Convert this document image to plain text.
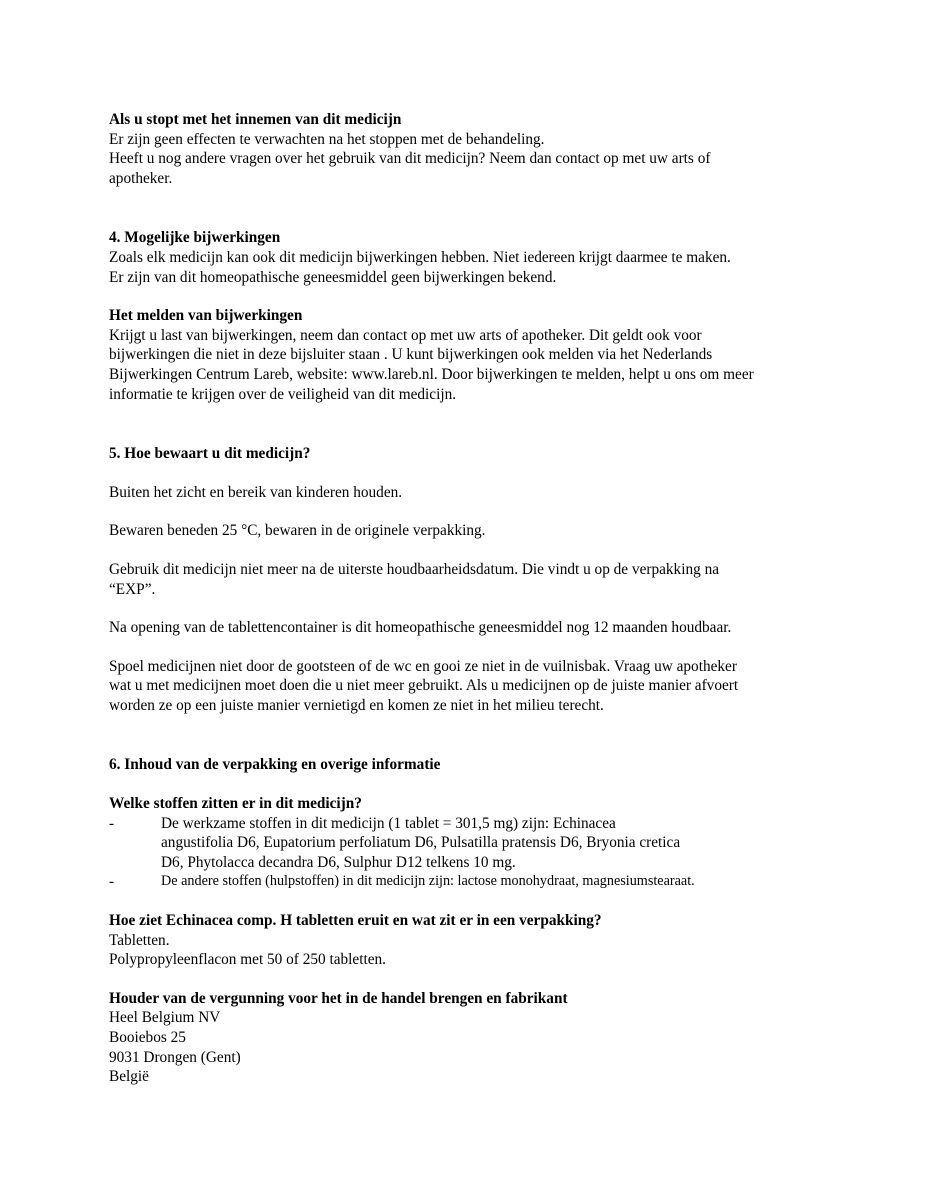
Als u stopt met het innemen van dit medicijn
Er zijn geen effecten te verwachten na het stoppen met de behandeling.
Heeft u nog andere vragen over het gebruik van dit medicijn? Neem dan contact op met uw arts of
apotheker.
4. Mogelijke bijwerkingen
Zoals elk medicijn kan ook dit medicijn bijwerkingen hebben. Niet iedereen krijgt daarmee te maken.
Er zijn van dit homeopathische geneesmiddel geen bijwerkingen bekend.
Het melden van bijwerkingen
Krijgt u last van bijwerkingen, neem dan contact op met uw arts of apotheker. Dit geldt ook voor
bijwerkingen die niet in deze bijsluiter staan . U kunt bijwerkingen ook melden via het Nederlands
Bijwerkingen Centrum Lareb, website: www.lareb.nl. Door bijwerkingen te melden, helpt u ons om meer
informatie te krijgen over de veiligheid van dit medicijn.
5. Hoe bewaart u dit medicijn?
Buiten het zicht en bereik van kinderen houden.
Bewaren beneden 25 °C, bewaren in de originele verpakking.
Gebruik dit medicijn niet meer na de uiterste houdbaarheidsdatum. Die vindt u op de verpakking na
“EXP”.
Na opening van de tablettencontainer is dit homeopathische geneesmiddel nog 12 maanden houdbaar.
Spoel medicijnen niet door de gootsteen of de wc en gooi ze niet in de vuilnisbak. Vraag uw apotheker
wat u met medicijnen moet doen die u niet meer gebruikt. Als u medicijnen op de juiste manier afvoert
worden ze op een juiste manier vernietigd en komen ze niet in het milieu terecht.
6. Inhoud van de verpakking en overige informatie
Welke stoffen zitten er in dit medicijn?
-	De werkzame stoffen in dit medicijn (1 tablet = 301,5 mg) zijn: Echinacea
angustifolia D6, Eupatorium perfoliatum D6, Pulsatilla pratensis D6, Bryonia cretica
D6, Phytolacca decandra D6, Sulphur D12 telkens 10 mg.
-	De andere stoffen (hulpstoffen) in dit medicijn zijn: lactose monohydraat, magnesiumstearaat.
Hoe ziet Echinacea comp. H tabletten eruit en wat zit er in een verpakking?
Tabletten.
Polypropyleenflacon met 50 of 250 tabletten.
Houder van de vergunning voor het in de handel brengen en fabrikant
Heel Belgium NV
Booiebos 25
9031 Drongen (Gent)
België
